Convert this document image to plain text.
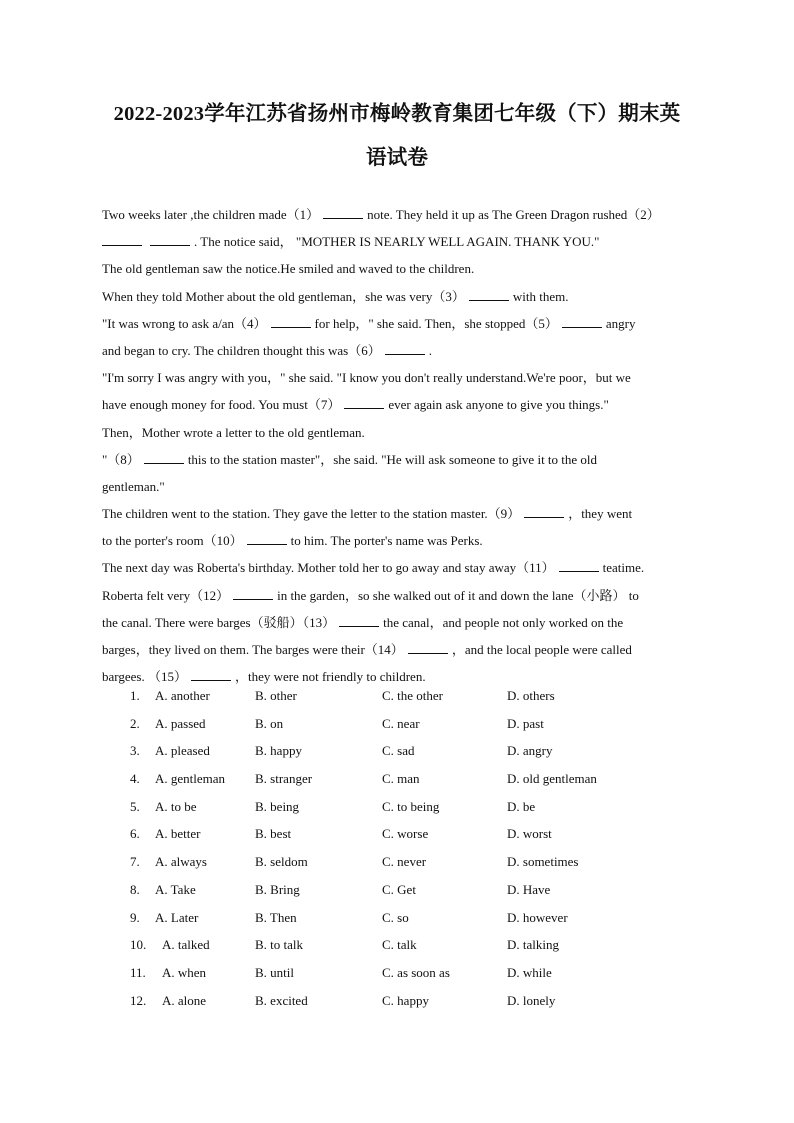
2022-2023学年江苏省扬州市梅岭教育集团七年级（下）期末英
语试卷
Two weeks later ,the children made（1）	note. They held it up as The Green Dragon rushed（2）
. The notice said， "MOTHER IS NEARLY WELL AGAIN. THANK YOU."
The old gentleman saw the notice.He smiled and waved to the children.
When they told Mother about the old gentleman，she was very（3）	with them.
"It was wrong to ask a/an（4）	for help，" she said. Then，she stopped（5）	angry
and began to cry. The children thought this was（6）	.
"I'm sorry I was angry with you，" she said. "I know you don't really understand.We're poor，but we
have enough money for food. You must（7）	ever again ask anyone to give you things."
Then，Mother wrote a letter to the old gentleman.
"（8）	this to the station master"，she said. "He will ask someone to give it to the old
gentleman."
The children went to the station. They gave the letter to the station master.（9）	，they went
to the porter's room（10）	to him. The porter's name was Perks.
The next day was Roberta's birthday. Mother told her to go away and stay away（11）	teatime.
Roberta felt very（12）	in the garden，so she walked out of it and down the lane（小路） to
the canal. There were barges（驳船）（13）	the canal，and people not only worked on the
barges，they lived on them. The barges were their（14）	，and the local people were called
bargees. （15）	，they were not friendly to children.
1. A. another	B. other	C. the other	D. others
2. A. passed	B. on	C. near	D. past
3. A. pleased	B. happy	C. sad	D. angry
4. A. gentleman B. stranger	C. man	D. old gentleman
5. A. to be	B. being	C. to being	D. be
6. A. better	B. best	C. worse	D. worst
7. A. always	B. seldom	C. never	D. sometimes
8. A. Take	B. Bring	C. Get	D. Have
9. A. Later	B. Then	C. so	D. however
10. A. talked	B. to talk	C. talk	D. talking
11. A. when	B. until	C. as soon as	D. while
12. A. alone	B. excited	C. happy	D. lonely
